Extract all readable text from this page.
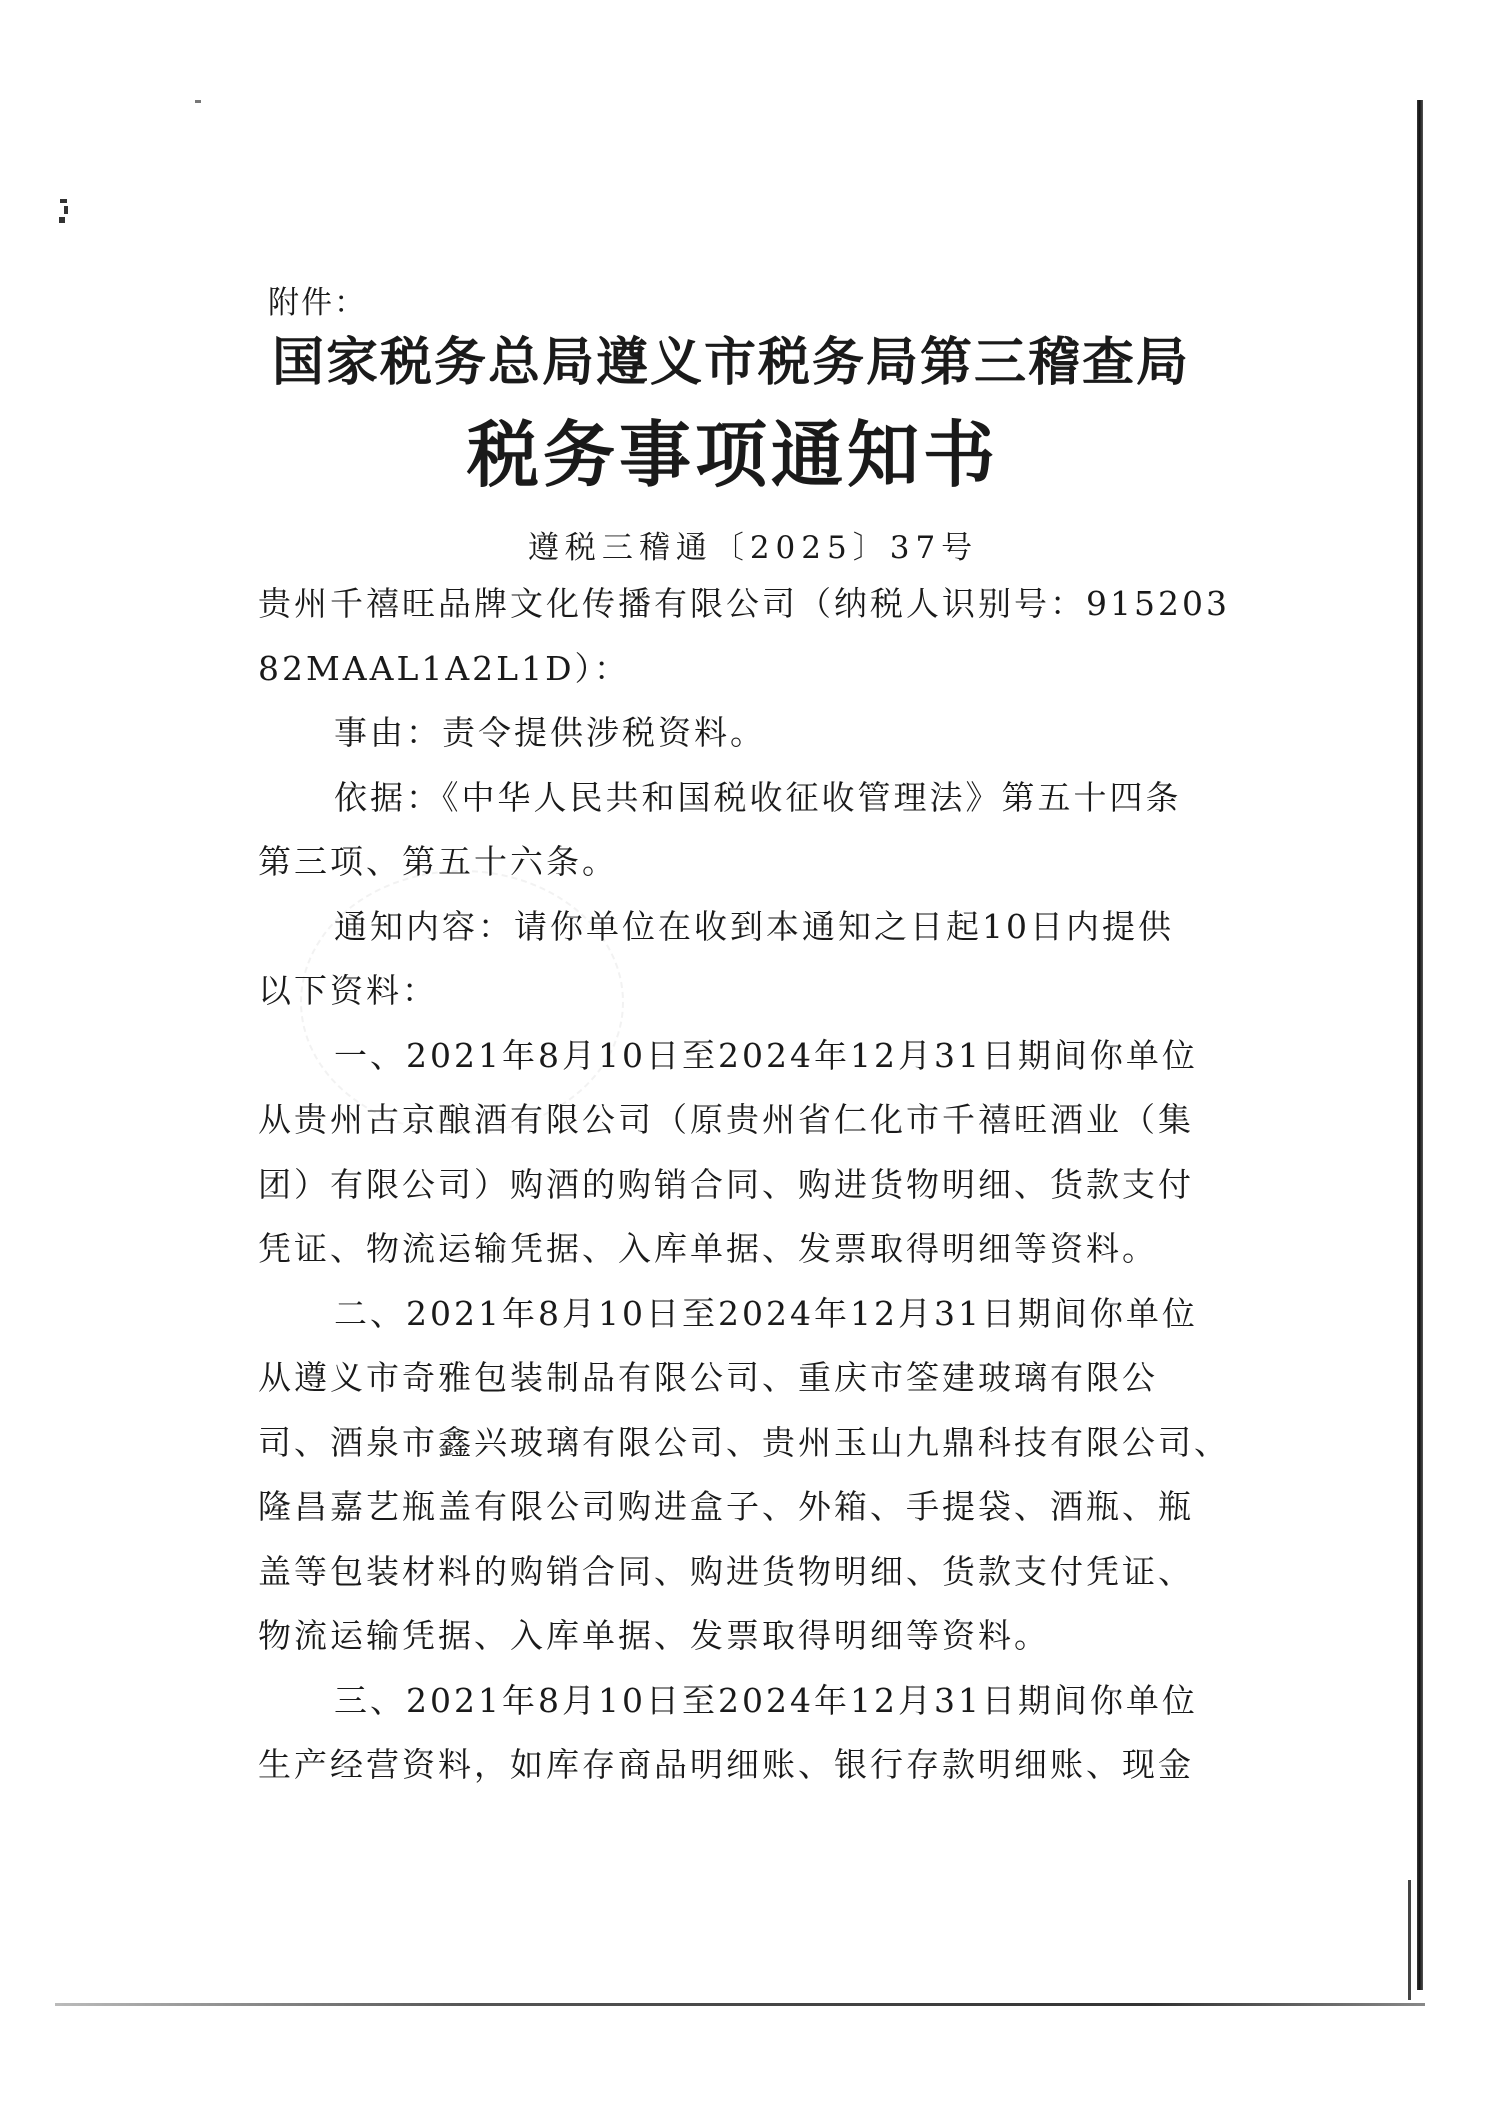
附件：
国家税务总局遵义市税务局第三稽查局
税务事项通知书
遵税三稽通〔2025〕37号
贵州千禧旺品牌文化传播有限公司（纳税人识别号：915203
82MAAL1A2L1D）：
事由：责令提供涉税资料。
依据：《中华人民共和国税收征收管理法》第五十四条
第三项、第五十六条。
通知内容：请你单位在收到本通知之日起10日内提供
以下资料：
一、2021年8月10日至2024年12月31日期间你单位
从贵州古京酿酒有限公司（原贵州省仁化市千禧旺酒业（集
团）有限公司）购酒的购销合同、购进货物明细、货款支付
凭证、物流运输凭据、入库单据、发票取得明细等资料。
二、2021年8月10日至2024年12月31日期间你单位
从遵义市奇雅包装制品有限公司、重庆市筌建玻璃有限公
司、酒泉市鑫兴玻璃有限公司、贵州玉山九鼎科技有限公司、
隆昌嘉艺瓶盖有限公司购进盒子、外箱、手提袋、酒瓶、瓶
盖等包装材料的购销合同、购进货物明细、货款支付凭证、
物流运输凭据、入库单据、发票取得明细等资料。
三、2021年8月10日至2024年12月31日期间你单位
生产经营资料，如库存商品明细账、银行存款明细账、现金
